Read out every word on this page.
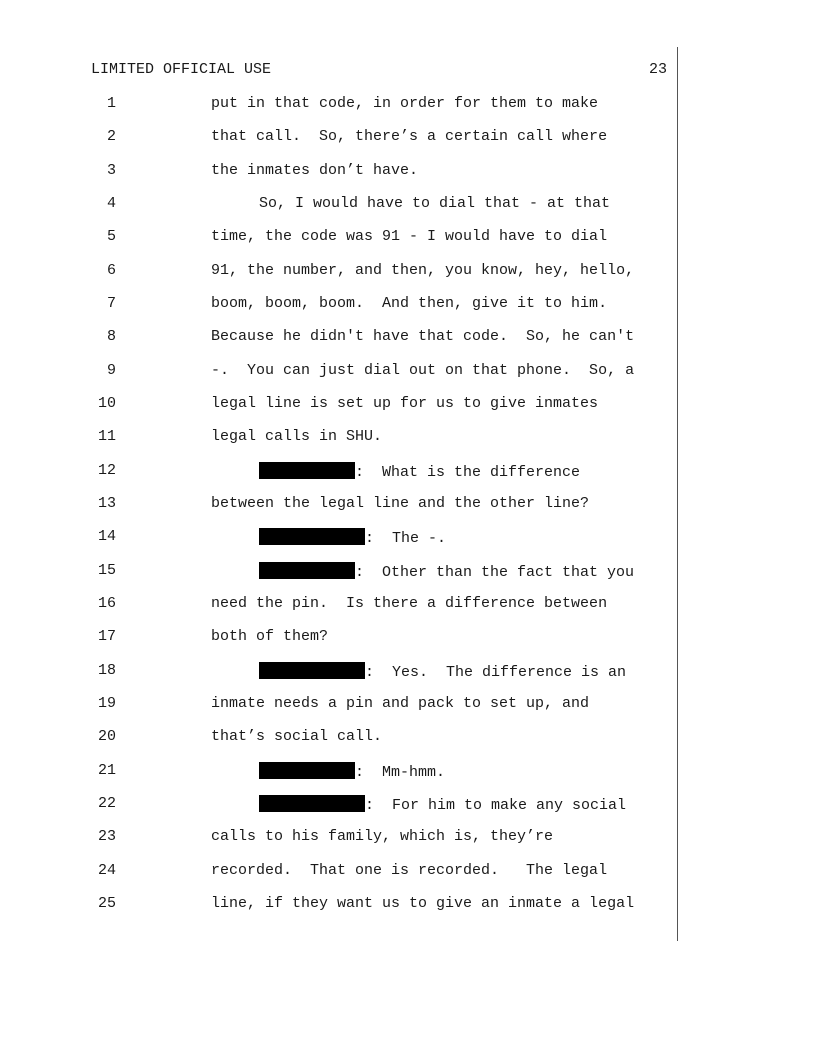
LIMITED OFFICIAL USE	23
1	put in that code, in order for them to make
2	that call.  So, there’s a certain call where
3	the inmates don’t have.
4	So, I would have to dial that - at that
5	time, the code was 91 - I would have to dial
6	91, the number, and then, you know, hey, hello,
7	boom, boom, boom.  And then, give it to him.
8	Because he didn't have that code.  So, he can't
9	-.  You can just dial out on that phone.  So, a
10	legal line is set up for us to give inmates
11	legal calls in SHU.
12	:  What is the difference
13	between the legal line and the other line?
14	:  The -.
15	:  Other than the fact that you
16	need the pin.  Is there a difference between
17	both of them?
18	:  Yes.  The difference is an
19	inmate needs a pin and pack to set up, and
20	that’s social call.
21	:  Mm-hmm.
22	:  For him to make any social
23	calls to his family, which is, they’re
24	recorded.  That one is recorded.   The legal
25	line, if they want us to give an inmate a legal
